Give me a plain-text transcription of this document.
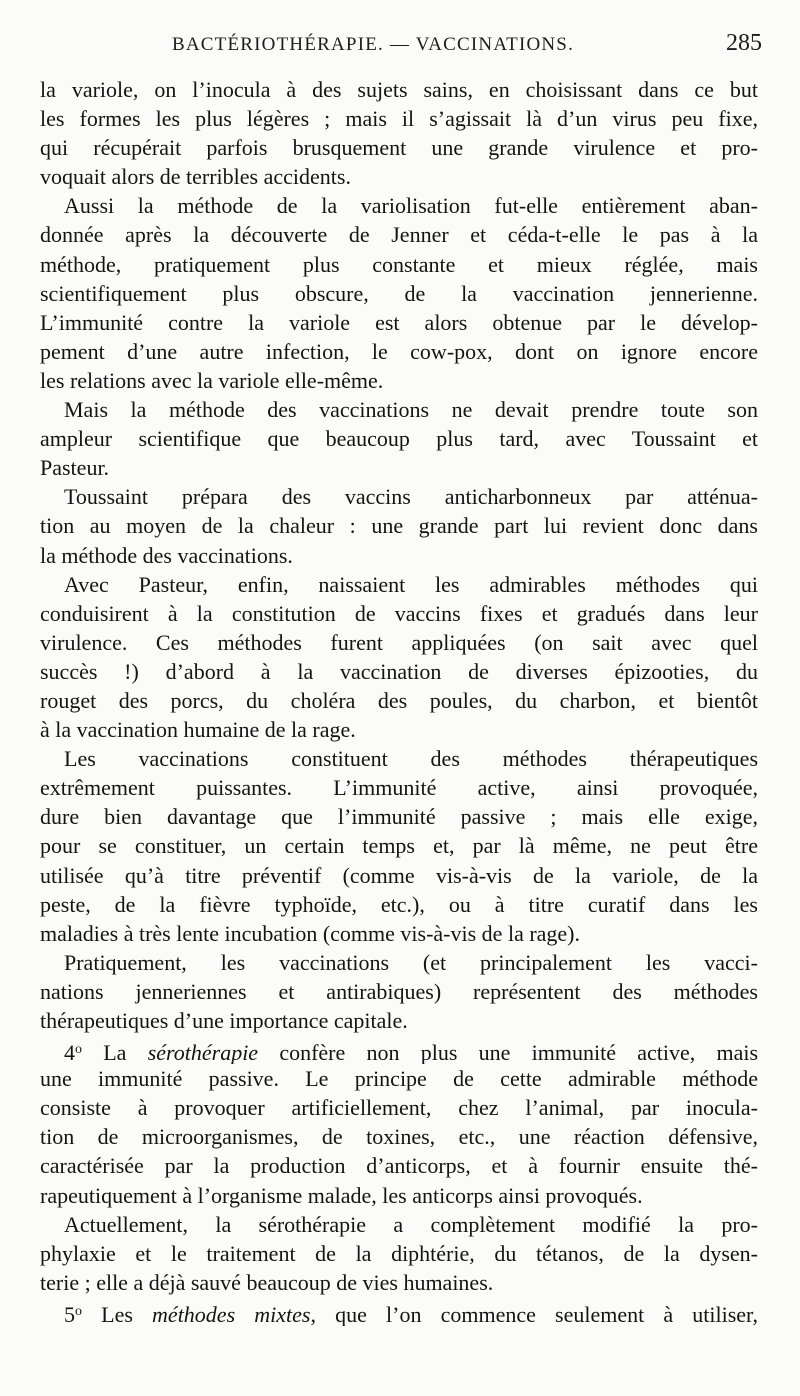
BACTÉRIOTHÉRAPIE. — VACCINATIONS.	285
la variole, on l’inocula à des sujets sains, en choisissant dans ce but
les formes les plus légères ; mais il s’agissait là d’un virus peu fixe,
qui récupérait parfois brusquement une grande virulence et pro-
voquait alors de terribles accidents.
Aussi la méthode de la variolisation fut-elle entièrement aban-
donnée après la découverte de Jenner et céda-t-elle le pas à la
méthode, pratiquement plus constante et mieux réglée, mais
scientifiquement plus obscure, de la vaccination jennerienne.
L’immunité contre la variole est alors obtenue par le dévelop-
pement d’une autre infection, le cow-pox, dont on ignore encore
les relations avec la variole elle-même.
Mais la méthode des vaccinations ne devait prendre toute son
ampleur scientifique que beaucoup plus tard, avec Toussaint et
Pasteur.
Toussaint prépara des vaccins anticharbonneux par atténua-
tion au moyen de la chaleur : une grande part lui revient donc dans
la méthode des vaccinations.
Avec Pasteur, enfin, naissaient les admirables méthodes qui
conduisirent à la constitution de vaccins fixes et gradués dans leur
virulence. Ces méthodes furent appliquées (on sait avec quel
succès !) d’abord à la vaccination de diverses épizooties, du
rouget des porcs, du choléra des poules, du charbon, et bientôt
à la vaccination humaine de la rage.
Les vaccinations constituent des méthodes thérapeutiques
extrêmement puissantes. L’immunité active, ainsi provoquée,
dure bien davantage que l’immunité passive ; mais elle exige,
pour se constituer, un certain temps et, par là même, ne peut être
utilisée qu’à titre préventif (comme vis-à-vis de la variole, de la
peste, de la fièvre typhoïde, etc.), ou à titre curatif dans les
maladies à très lente incubation (comme vis-à-vis de la rage).
Pratiquement, les vaccinations (et principalement les vacci-
nations jenneriennes et antirabiques) représentent des méthodes
thérapeutiques d’une importance capitale.
4$^o$ La sérothérapie confère non plus une immunité active, mais
une immunité passive. Le principe de cette admirable méthode
consiste à provoquer artificiellement, chez l’animal, par inocula-
tion de microorganismes, de toxines, etc., une réaction défensive,
caractérisée par la production d’anticorps, et à fournir ensuite thé-
rapeutiquement à l’organisme malade, les anticorps ainsi provoqués.
Actuellement, la sérothérapie a complètement modifié la pro-
phylaxie et le traitement de la diphtérie, du tétanos, de la dysen-
terie ; elle a déjà sauvé beaucoup de vies humaines.
5$^o$ Les méthodes mixtes, que l’on commence seulement à utiliser,
